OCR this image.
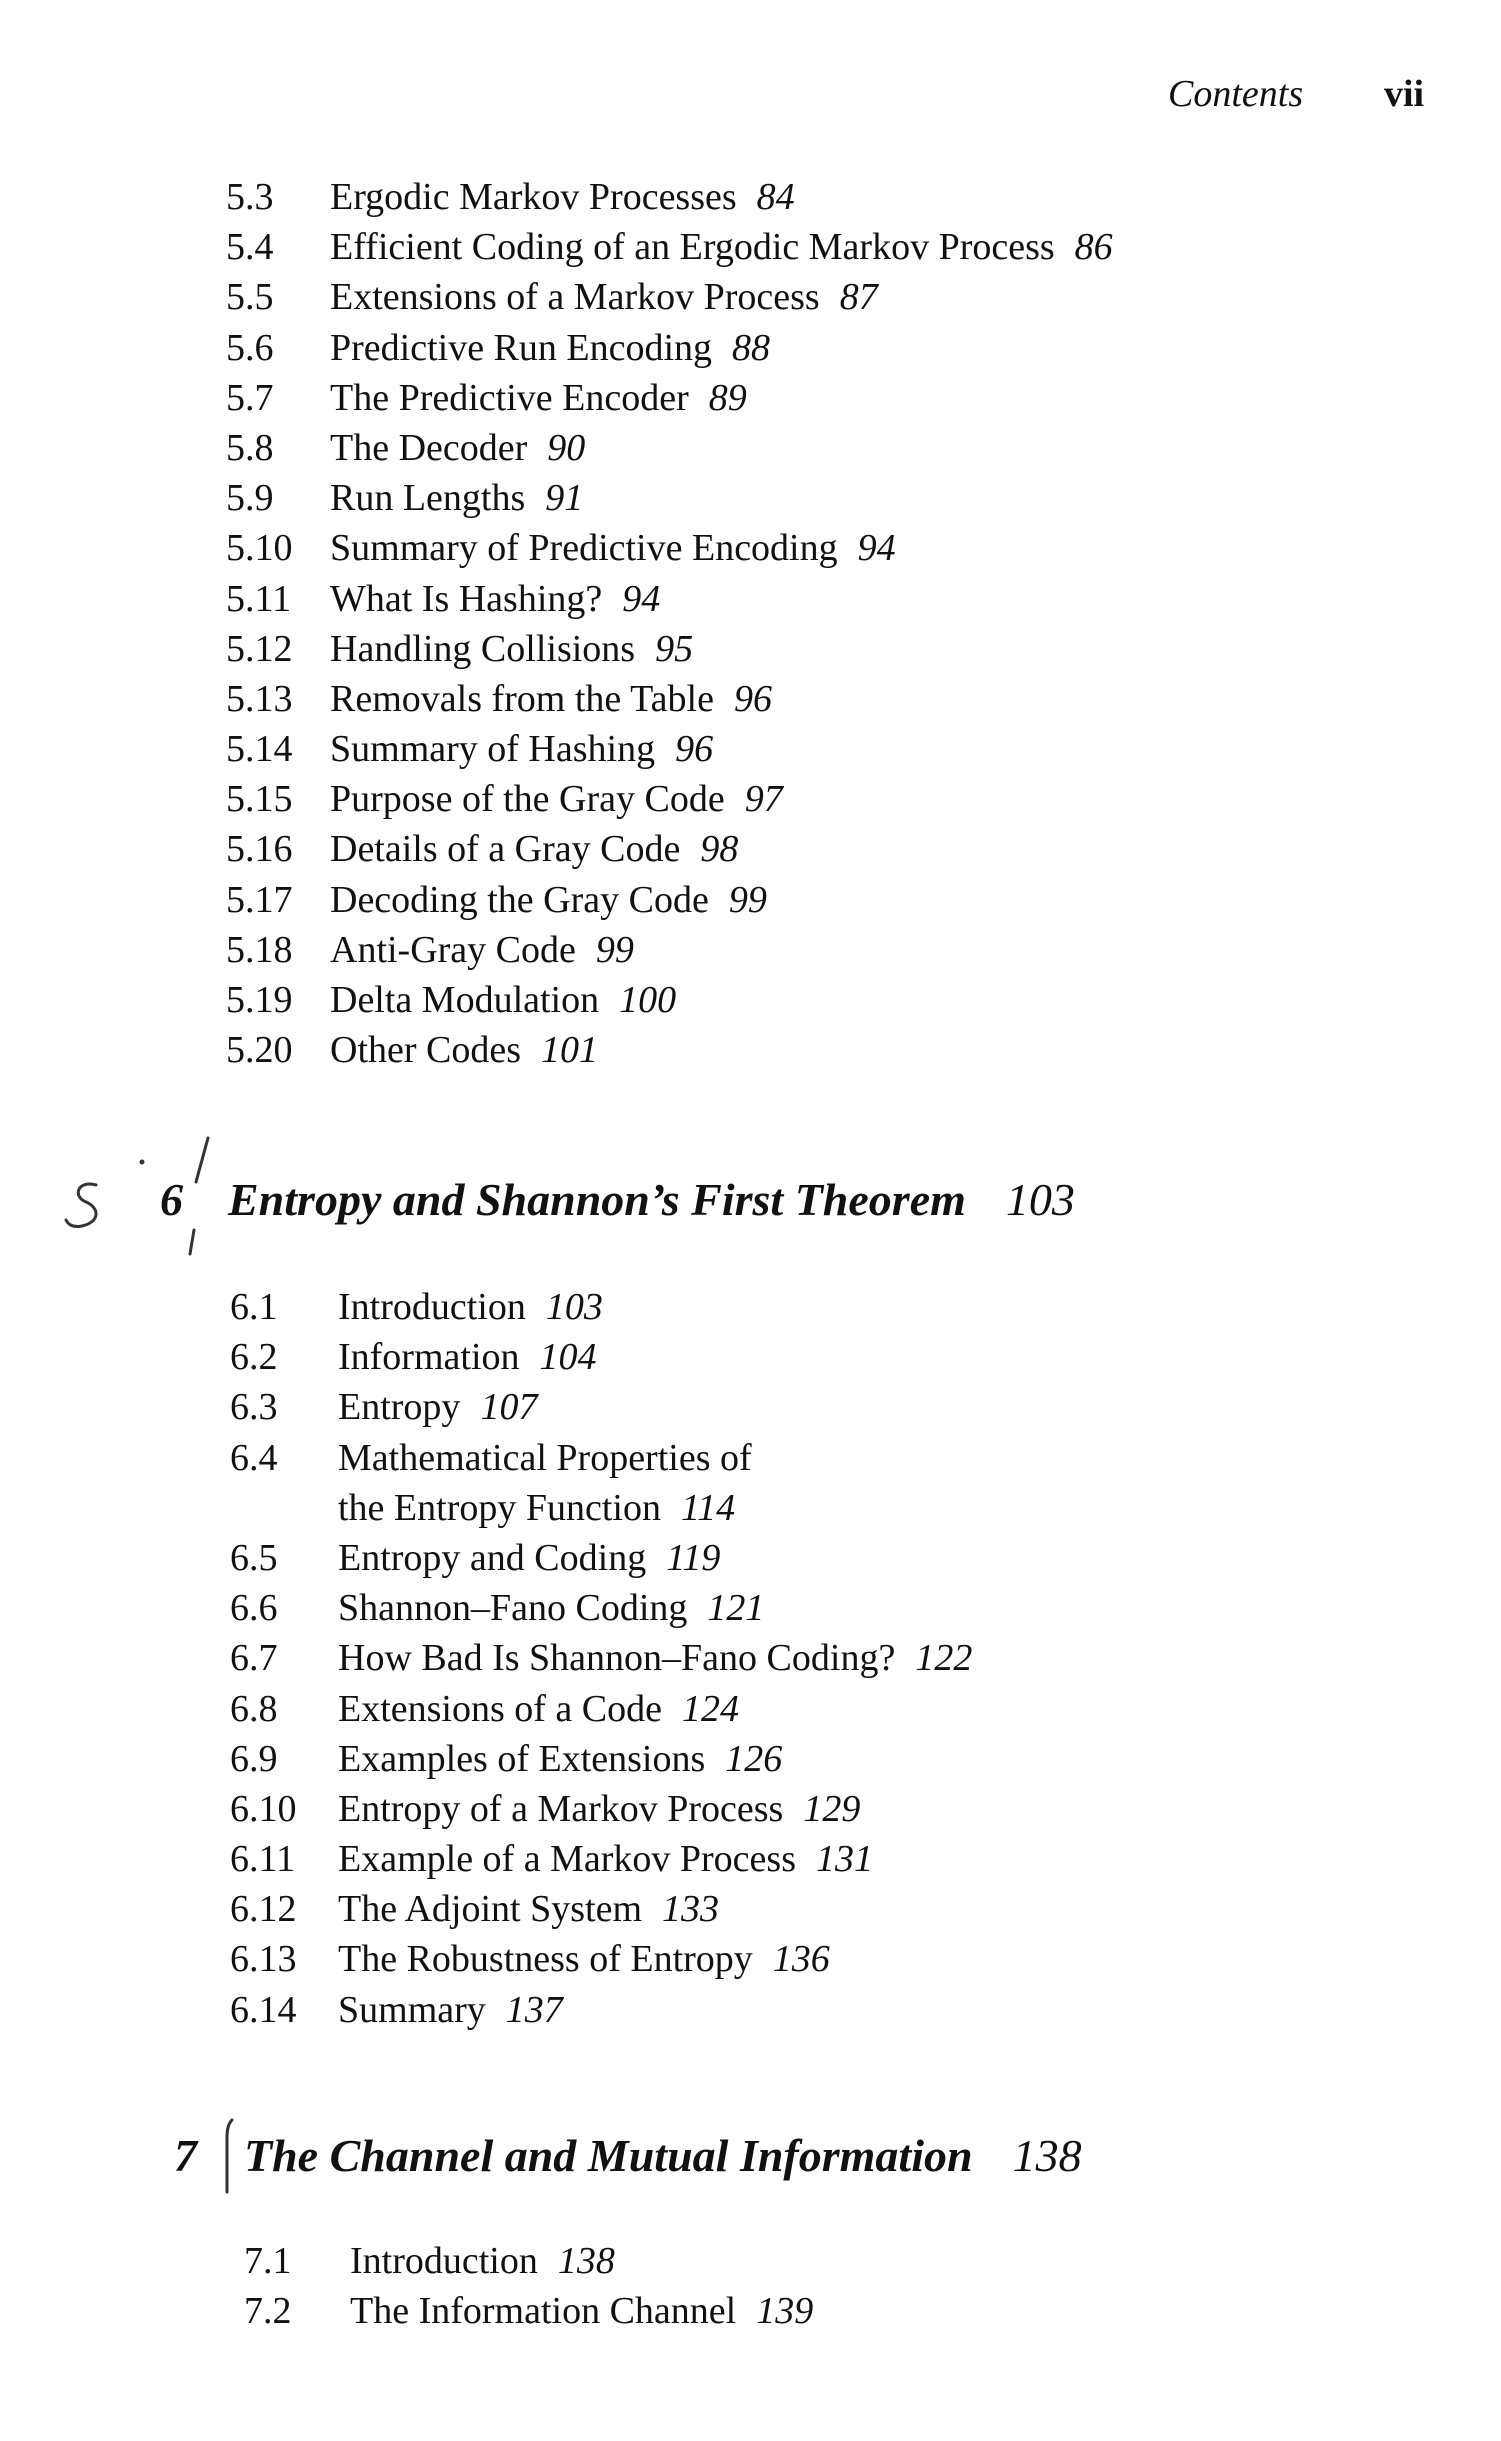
Contents vii
5.3 Ergodic Markov Processes 84
5.4 Efficient Coding of an Ergodic Markov Process 86
5.5 Extensions of a Markov Process 87
5.6 Predictive Run Encoding 88
5.7 The Predictive Encoder 89
5.8 The Decoder 90
5.9 Run Lengths 91
5.10 Summary of Predictive Encoding 94
5.11 What Is Hashing? 94
5.12 Handling Collisions 95
5.13 Removals from the Table 96
5.14 Summary of Hashing 96
5.15 Purpose of the Gray Code 97
5.16 Details of a Gray Code 98
5.17 Decoding the Gray Code 99
5.18 Anti-Gray Code 99
5.19 Delta Modulation 100
5.20 Other Codes 101
6 Entropy and Shannon’s First Theorem 103
6.1 Introduction 103
6.2 Information 104
6.3 Entropy 107
6.4 Mathematical Properties of
the Entropy Function 114
6.5 Entropy and Coding 119
6.6 Shannon–Fano Coding 121
6.7 How Bad Is Shannon–Fano Coding? 122
6.8 Extensions of a Code 124
6.9 Examples of Extensions 126
6.10 Entropy of a Markov Process 129
6.11 Example of a Markov Process 131
6.12 The Adjoint System 133
6.13 The Robustness of Entropy 136
6.14 Summary 137
7 The Channel and Mutual Information 138
7.1 Introduction 138
7.2 The Information Channel 139
